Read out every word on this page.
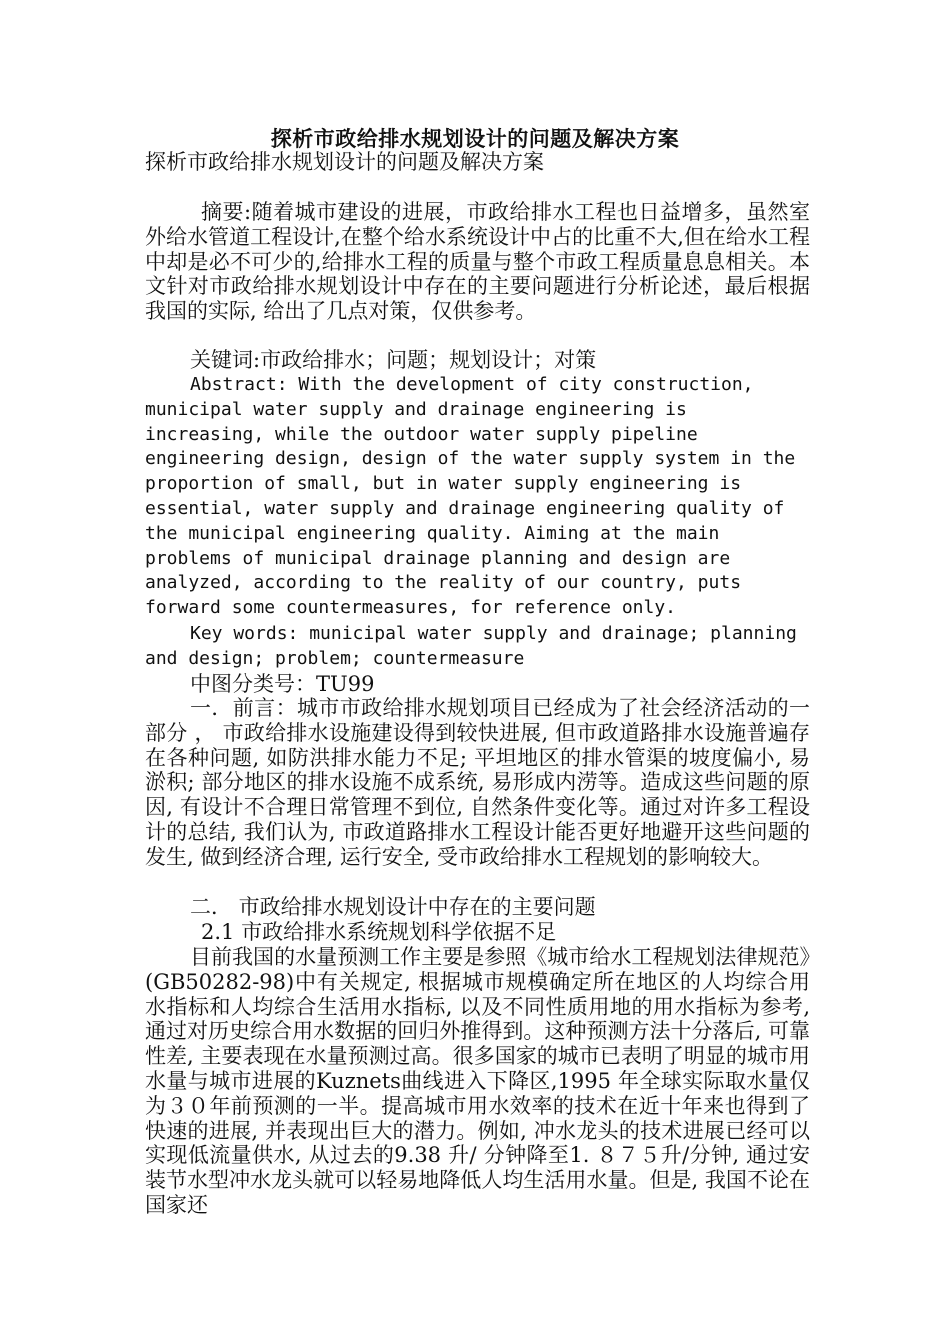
探析市政给排水规划设计的问题及解决方案
探析市政给排水规划设计的问题及解决方案
摘要:随着城市建设的进展，市政给排水工程也日益增多，虽然室外给水管道工程设计,在整个给水系统设计中占的比重不大,但在给水工程中却是必不可少的,给排水工程的质量与整个市政工程质量息息相关。本文针对市政给排水规划设计中存在的主要问题进行分析论述，最后根据我国的实际, 给出了几点对策，仅供参考。
关键词:市政给排水；问题；规划设计；对策
Abstract: With the development of city construction, municipal water supply and drainage engineering is increasing, while the outdoor water supply pipeline engineering design, design of the water supply system in the proportion of small, but in water supply engineering is essential, water supply and drainage engineering quality of the municipal engineering quality. Aiming at the main problems of municipal drainage planning and design are analyzed, according to the reality of our country, puts forward some countermeasures, for reference only.
Key words: municipal water supply and drainage; planning and design; problem; countermeasure
中图分类号：TU99
一．前言：城市市政给排水规划项目已经成为了社会经济活动的一部分 ， 市政给排水设施建设得到较快进展, 但市政道路排水设施普遍存在各种问题, 如防洪排水能力不足; 平坦地区的排水管渠的坡度偏小, 易淤积; 部分地区的排水设施不成系统, 易形成内涝等。造成这些问题的原因, 有设计不合理日常管理不到位, 自然条件变化等。通过对许多工程设计的总结, 我们认为, 市政道路排水工程设计能否更好地避开这些问题的发生, 做到经济合理, 运行安全, 受市政给排水工程规划的影响较大。
二． 市政给排水规划设计中存在的主要问题
2.1 市政给排水系统规划科学依据不足
目前我国的水量预测工作主要是参照《城市给水工程规划法律规范》(GB50282-98)中有关规定, 根据城市规模确定所在地区的人均综合用水指标和人均综合生活用水指标, 以及不同性质用地的用水指标为参考,通过对历史综合用水数据的回归外推得到。这种预测方法十分落后, 可靠性差, 主要表现在水量预测过高。很多国家的城市已表明了明显的城市用水量与城市进展的Kuznets曲线进入下降区,1995 年全球实际取水量仅为３０年前预测的一半。提高城市用水效率的技术在近十年来也得到了快速的进展, 并表现出巨大的潜力。例如, 冲水龙头的技术进展已经可以实现低流量供水, 从过去的9.38 升/ 分钟降至1. ８７５升/分钟, 通过安装节水型冲水龙头就可以轻易地降低人均生活用水量。但是, 我国不论在国家还
